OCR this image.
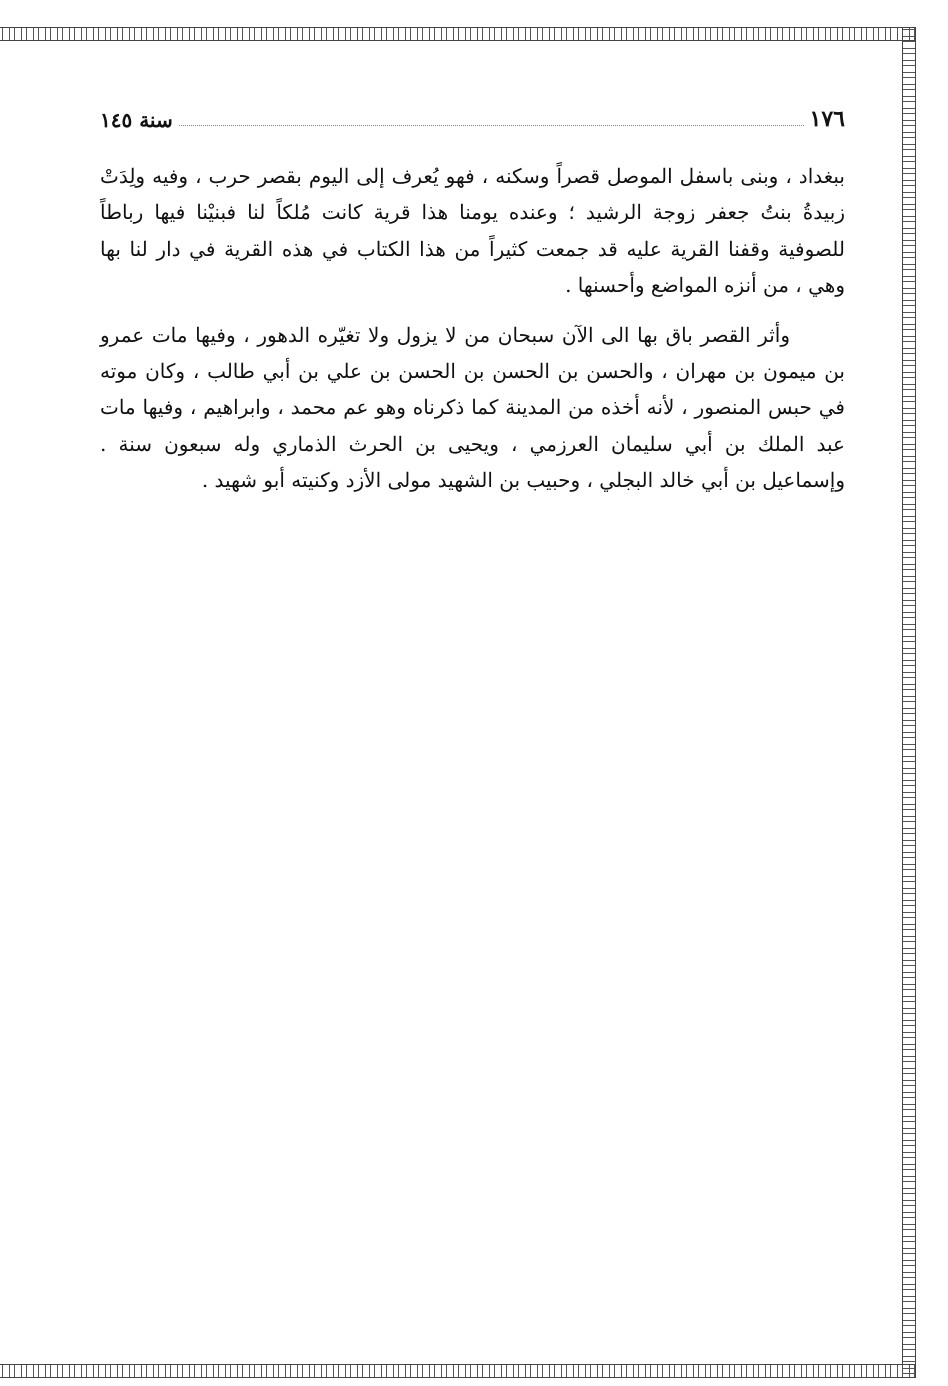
١٧٦
سنة ١٤٥

ببغداد ، وبنى باسفل الموصل قصراً وسكنه ، فهو يُعرف إلى اليوم بقصر حرب ، وفيه ولِدَتْ زبيدةُ بنتُ جعفر زوجة الرشيد ؛ وعنده يومنا هذا قرية كانت مُلكاً لنا فبنيْنا فيها رباطاً للصوفية وقفنا القرية عليه قد جمعت كثيراً من هذا الكتاب في هذه القرية في دار لنا بها وهي ، من أنزه المواضع وأحسنها .

وأثر القصر باق بها الى الآن سبحان من لا يزول ولا تغيّره الدهور ، وفيها مات عمرو بن ميمون بن مهران ، والحسن بن الحسن بن الحسن بن علي بن أبي طالب ، وكان موته في حبس المنصور ، لأنه أخذه من المدينة كما ذكرناه وهو عم محمد ، وابراهيم ، وفيها مات عبد الملك بن أبي سليمان العرزمي ، ويحيى بن الحرث الذماري وله سبعون سنة . وإسماعيل بن أبي خالد البجلي ، وحبيب بن الشهيد مولى الأزد وكنيته أبو شهيد .
